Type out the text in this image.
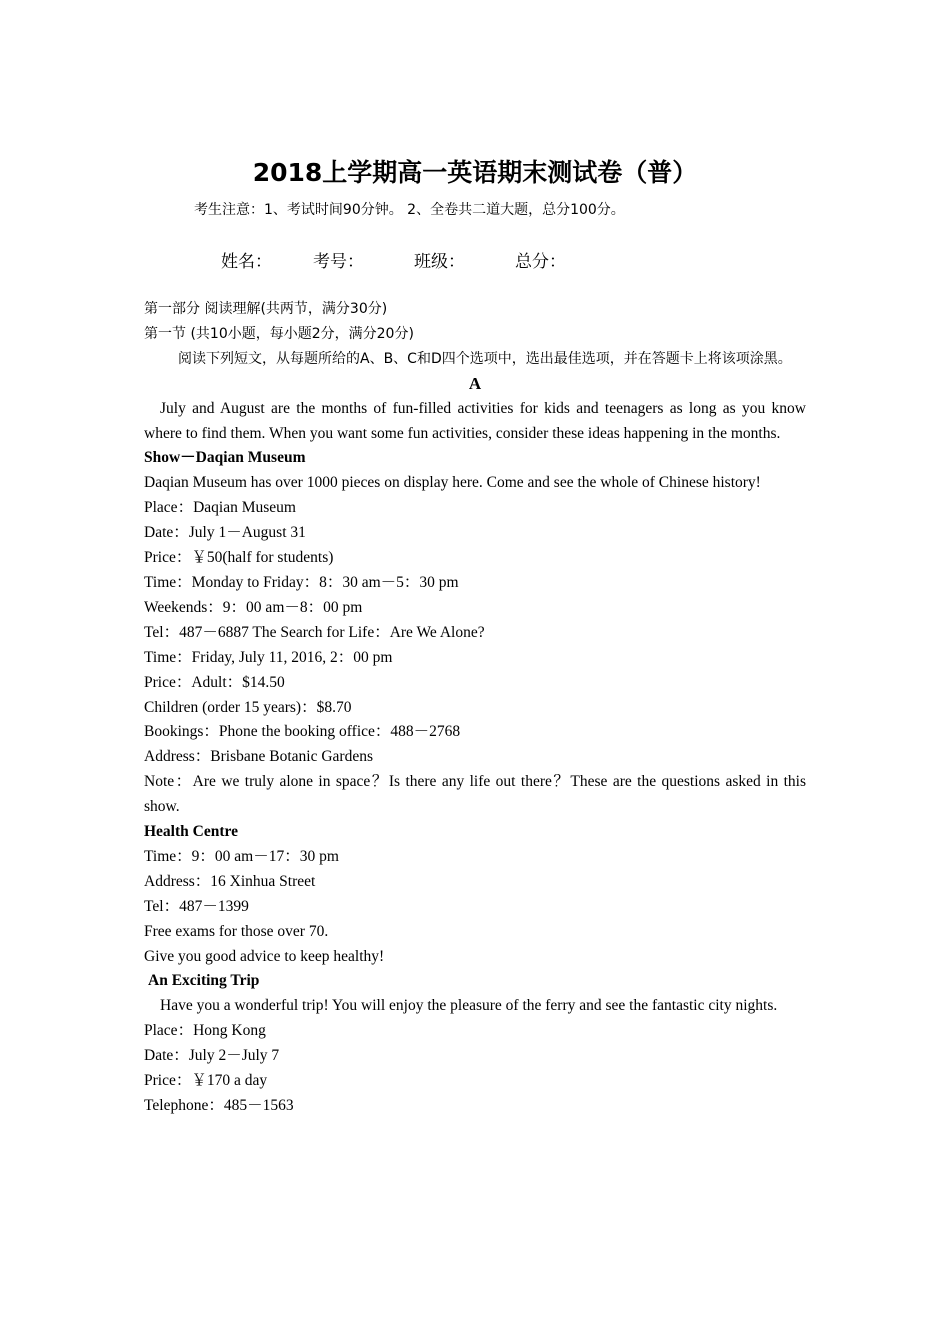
2018上学期高一英语期末测试卷（普）
考生注意：1、考试时间90分钟。 2、全卷共二道大题，总分100分。
姓名： 考号：	班级：	总分：

第一部分 阅读理解(共两节，满分30分)

第一节 (共10小题，每小题2分，满分20分)

阅读下列短文，从每题所给的A、B、C和D四个选项中，选出最佳选项，并在答题卡上将该项涂黑。

A

July and August are the months of fun-filled activities for kids and teenagers as long as you know where to find them. When you want some fun activities, consider these ideas happening in the months.

Show－Daqian Museum

Daqian Museum has over 1000 pieces on display here. Come and see the whole of Chinese history!

Place：Daqian Museum

Date：July 1－August 31

Price：￥50(half for students)

Time：Monday to Friday：8：30 am－5：30 pm

Weekends：9：00 am－8：00 pm

Tel：487－6887 The Search for Life：Are We Alone?

Time：Friday, July 11, 2016, 2：00 pm

Price：Adult：$14.50

Children (order 15 years)：$8.70

Bookings：Phone the booking office：488－2768

Address：Brisbane Botanic Gardens

Note：Are we truly alone in space？Is there any life out there？These are the questions asked in this show.

Health Centre

Time：9：00 am－17：30 pm

Address：16 Xinhua Street

Tel：487－1399

Free exams for those over 70.

Give you good advice to keep healthy!

An Exciting Trip

Have you a wonderful trip! You will enjoy the pleasure of the ferry and see the fantastic city nights.

Place：Hong Kong

Date：July 2－July 7

Price：￥170 a day

Telephone：485－1563
